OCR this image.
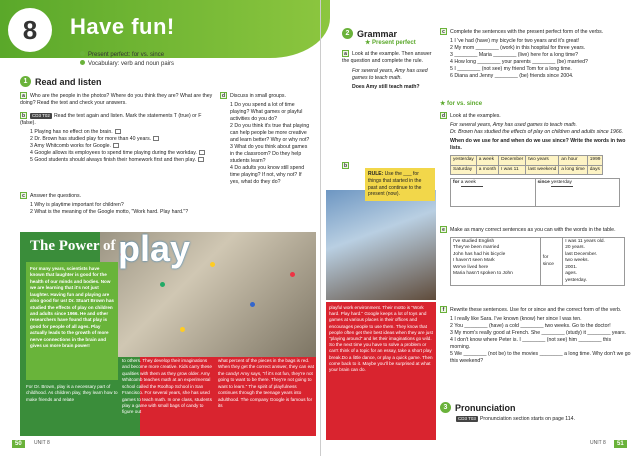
8	Have fun!
Present perfect: for vs. since
Vocabulary: verb and noun pairs
1 Read and listen
a Who are the people in the photos? Where do you think they are? What are they doing? Read the text and check your answers.
b CD3 T02 Read the text again and listen. Mark the statements T (true) or F (false).
1 Playing has no effect on the brain.
2 Dr. Brown has studied play for more than 40 years.
3 Amy Whitcomb works for Google.
4 Google allows its employees to spend time playing during the workday.
5 Good students should always finish their homework first and then play.
c Answer the questions.
1 Why is playtime important for children?
2 What is the meaning of the Google motto, "Work hard. Play hard."?
d Discuss in small groups.
1 Do you spend a lot of time playing? What games or playful activities do you do?
2 Do you think it's true that playing can help people be more creative and learn better? Why or why not?
3 What do you think about games in the classroom? Do they help students learn?
4 Do adults you know still spend time playing? If not, why not? If yes, what do they do?
The Power of play
For many years, scientists have known that laughter is good for the health of our minds and bodies. Now we are learning that it's not just laughter. Having fun and playing are also good for us! Dr. Stuart Brown has studied the effects of play on children and adults since 1966. He and other researchers have found that play is good for people of all ages. Play actually leads to the growth of more nerve connections in the brain and gives us more brain power!
For Dr. Brown, play is a necessary part of childhood. As children play, they learn how to make friends and relate
to others. They develop their imaginations and become more creative. Kids carry these qualities with them as they grow older. Amy Whitcomb teaches math at an experimental school called the Rooftop School in San Francisco. For several years, she has used games to teach math. In one class, students play a game with small bags of candy to figure out
what percent of the pieces in the bags is red. When they get the correct answer, they can eat the candy! Amy says, "If it's not fun, they're not going to want to be there. They're not going to want to learn." The spirit of playfulness continues through the teenage years into adulthood. The company Google is famous for its
playful work environment. Their motto is "Work hard. Play hard." Google keeps a lot of toys and games at various places in their offices and encourages people to use them. They know that people often get their best ideas when they are just "playing around" and let their imaginations go wild. So the next time you have to solve a problem or can't think of a topic for an essay, take a short play break.Do a little dance, or play a quick game. Then come back to it. Maybe you'll be surprised at what your brain can do.
2 Grammar
★ Present perfect
a Look at the example. Then answer the question and complete the rule.
For several years, Amy has used games to teach math.
Does Amy still teach math?
RULE: Use the ___ for things that started in the past and continue to the present (now).
c Complete the sentences with the present perfect form of the verbs.
1 I 've had (have) my bicycle for two years and it's great!
2 My mom ________ (work) in this hospital for three years.
3 ________ Maria ________ (live) here for a long time?
4 How long ________ your parents ________ (be) married?
5 I ________ (not see) my friend Tom for a long time.
6 Diana and Jenny ________ (be) friends since 2004.
★ for vs. since
d Look at the examples.
For several years, Amy has used games to teach math.
Dr. Brown has studied the effects of play on children and adults since 1966.
When do we use for and when do we use since? Write the words in two lists.
yesterday	a week	December	two years	an hour	1999
Saturday	a month	I was 11	last weekend	a long time	days
for a week	since yesterday
e Make as many correct sentences as you can with the words in the table.
I've studied English
They've been married
John has had his bicycle
I haven't seen Mark
We've lived here
Maria hasn't spoken to John

for
since

I was 11 years old.
20 years.
last December.
two weeks.
2001.
ages.
yesterday.
f Rewrite these sentences. Use for or since and the correct form of the verb.
1 I really like Sara. I've known (know) her since I was ten.
2 You ________ (have) a cold ________ two weeks. Go to the doctor!
3 My mom's really good at French. She ________ (study) it ________ years.
4 I don't know where Peter is. I ________ (not see) him ________ this morning.
5 We ________ (not be) to the movies ________ a long time. Why don't we go this weekend?
3 Pronunciation
CD3 T03 Pronunciation section starts on page 114.
b
50	UNIT 8	UNIT 8	51
